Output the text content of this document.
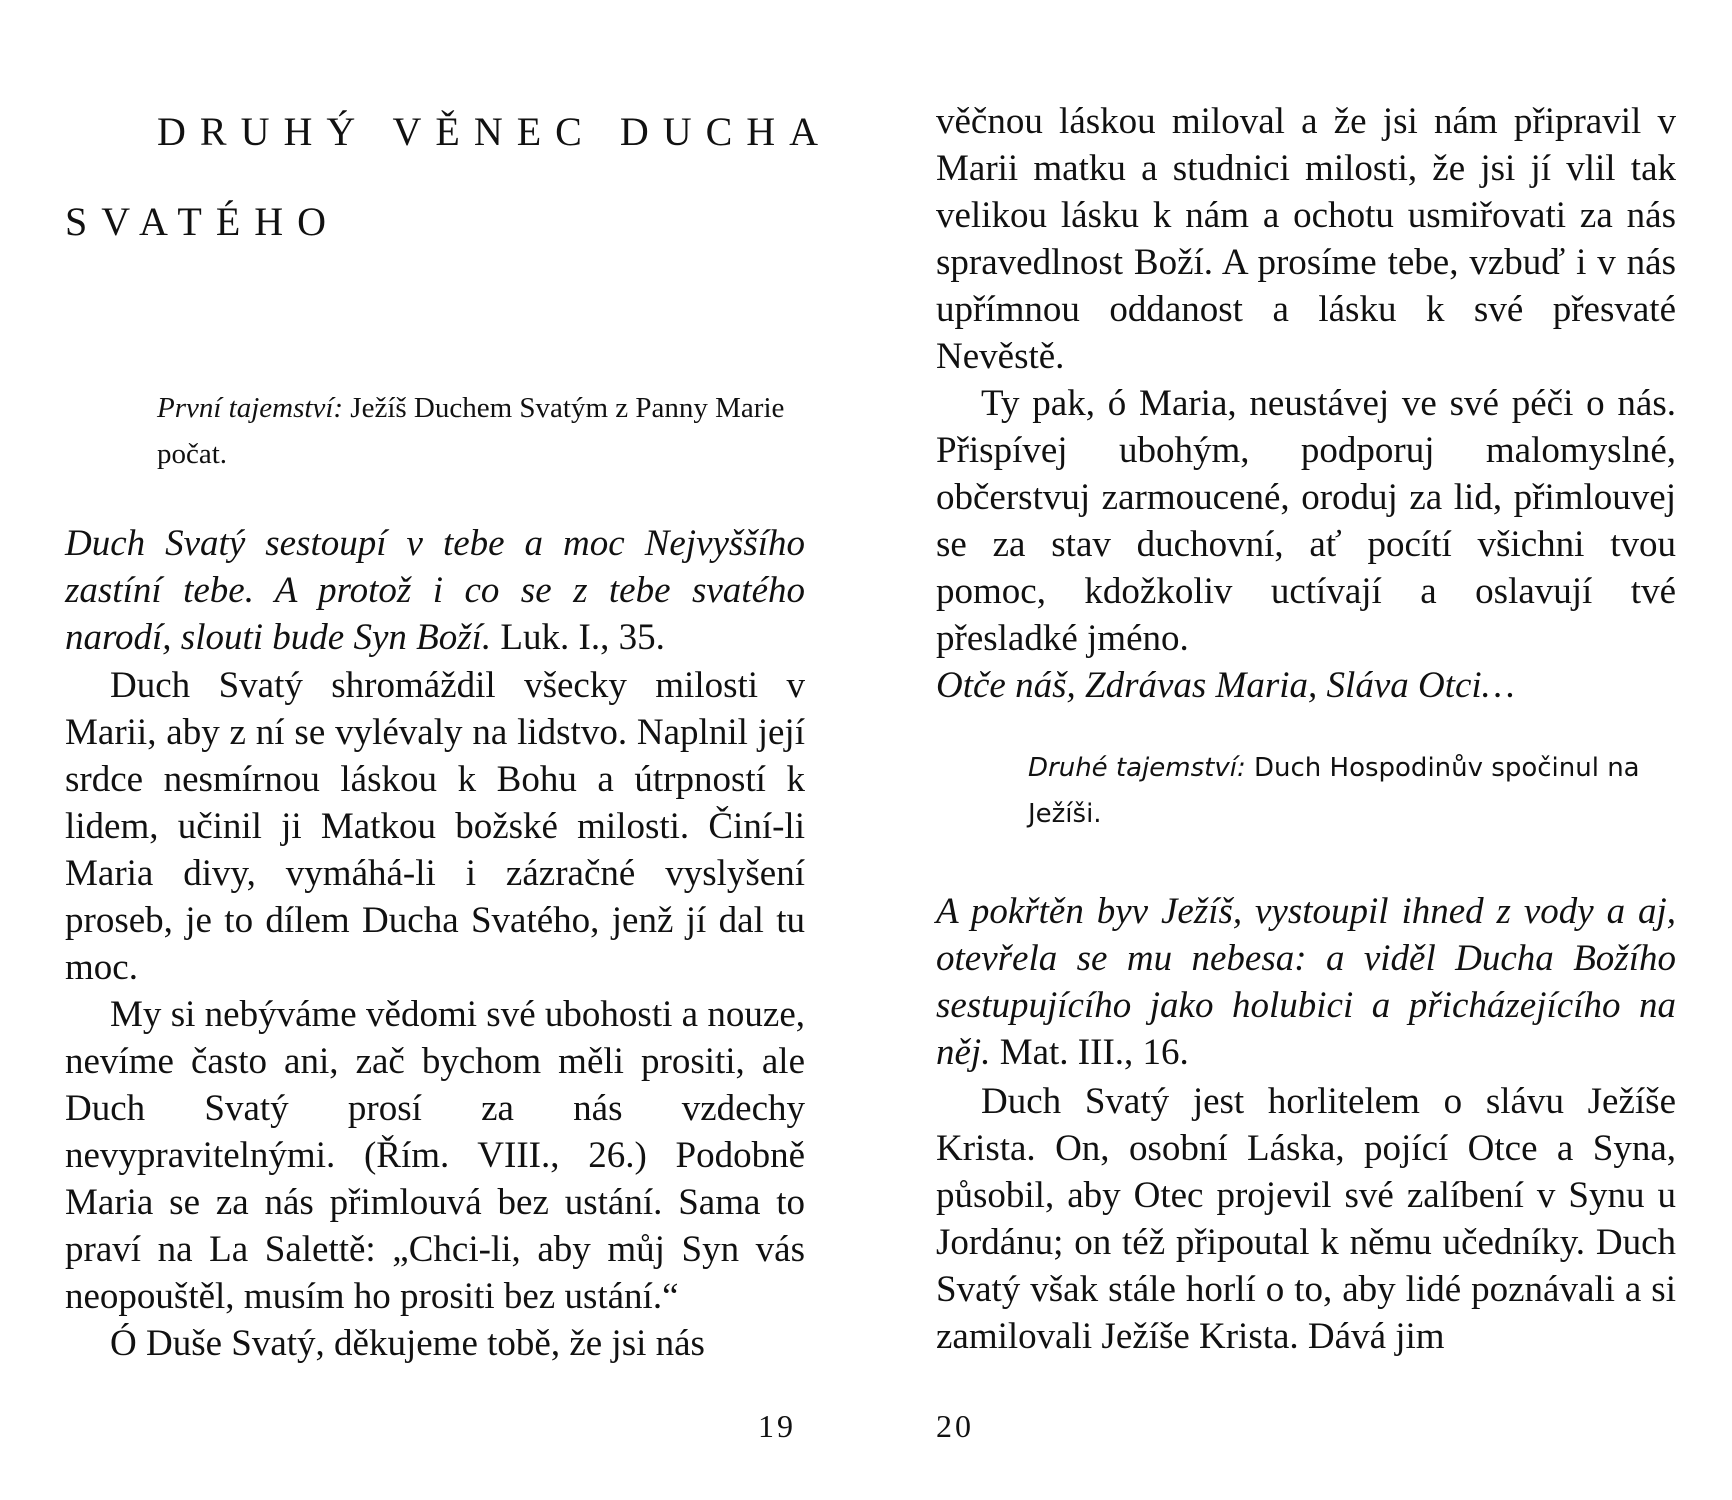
DRUHÝ VĚNEC DUCHA
SVATÉHO
První tajemství: Ježíš Duchem Svatým z Panny Marie počat.

Duch Svatý sestoupí v tebe a moc Nejvyššího zastíní tebe. A protož i co se z tebe svatého narodí, slouti bude Syn Boží. Luk. I., 35.

Duch Svatý shromáždil všecky milosti v Marii, aby z ní se vylévaly na lidstvo. Naplnil její srdce nesmírnou láskou k Bohu a útrpností k lidem, učinil ji Matkou božské milosti. Činí-li Maria divy, vymáhá-li i zázračné vyslyšení proseb, je to dílem Ducha Svatého, jenž jí dal tu moc.

My si nebýváme vědomi své ubohosti a nouze, nevíme často ani, zač bychom měli prositi, ale Duch Svatý prosí za nás vzdechy nevypravitelnými. (Řím. VIII., 26.) Podobně Maria se za nás přimlouvá bez ustání. Sama to praví na La Salettě: „Chci-li, aby můj Syn vás neopouštěl, musím ho prositi bez ustání.“

Ó Duše Svatý, děkujeme tobě, že jsi nás

19

věčnou láskou miloval a že jsi nám připravil v Marii matku a studnici milosti, že jsi jí vlil tak velikou lásku k nám a ochotu usmiřovati za nás spravedlnost Boží. A prosíme tebe, vzbuď i v nás upřímnou oddanost a lásku k své přesvaté Nevěstě.

Ty pak, ó Maria, neustávej ve své péči o nás. Přispívej ubohým, podporuj malomyslné, občerstvuj zarmoucené, oroduj za lid, přimlouvej se za stav duchovní, ať pocítí všichni tvou pomoc, kdožkoliv uctívají a oslavují tvé přesladké jméno.

Otče náš, Zdrávas Maria, Sláva Otci…

Druhé tajemství: Duch Hospodinův spočinul na Ježíši.

A pokřtěn byv Ježíš, vystoupil ihned z vody a aj, otevřela se mu nebesa: a viděl Ducha Božího sestupujícího jako holubici a přicházejícího na něj. Mat. III., 16.

Duch Svatý jest horlitelem o slávu Ježíše Krista. On, osobní Láska, pojící Otce a Syna, působil, aby Otec projevil své zalíbení v Synu u Jordánu; on též připoutal k němu učedníky. Duch Svatý však stále horlí o to, aby lidé poznávali a si zamilovali Ježíše Krista. Dává jim

20
